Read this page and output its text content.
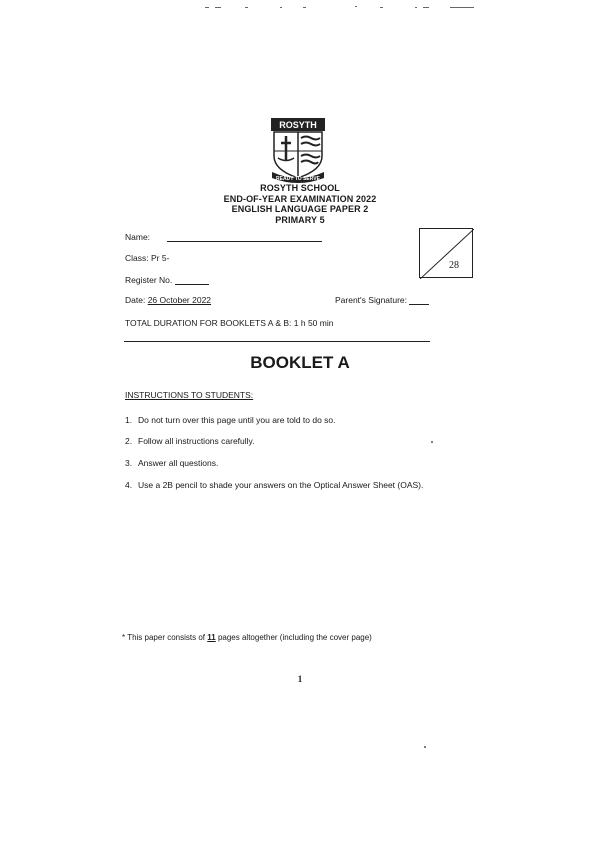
ROSYTH
READY TO SERVE
ROSYTH SCHOOL
END-OF-YEAR EXAMINATION 2022
ENGLISH LANGUAGE PAPER 2
PRIMARY 5
Name:
Class: Pr 5-
Register No.
Date: 26 October 2022	Parent's Signature:
TOTAL DURATION FOR BOOKLETS A & B: 1 h 50 min
28
BOOKLET A
INSTRUCTIONS TO STUDENTS:
1. Do not turn over this page until you are told to do so.
2. Follow all instructions carefully.
3. Answer all questions.
4. Use a 2B pencil to shade your answers on the Optical Answer Sheet (OAS).
* This paper consists of 11 pages altogether (including the cover page)
1
